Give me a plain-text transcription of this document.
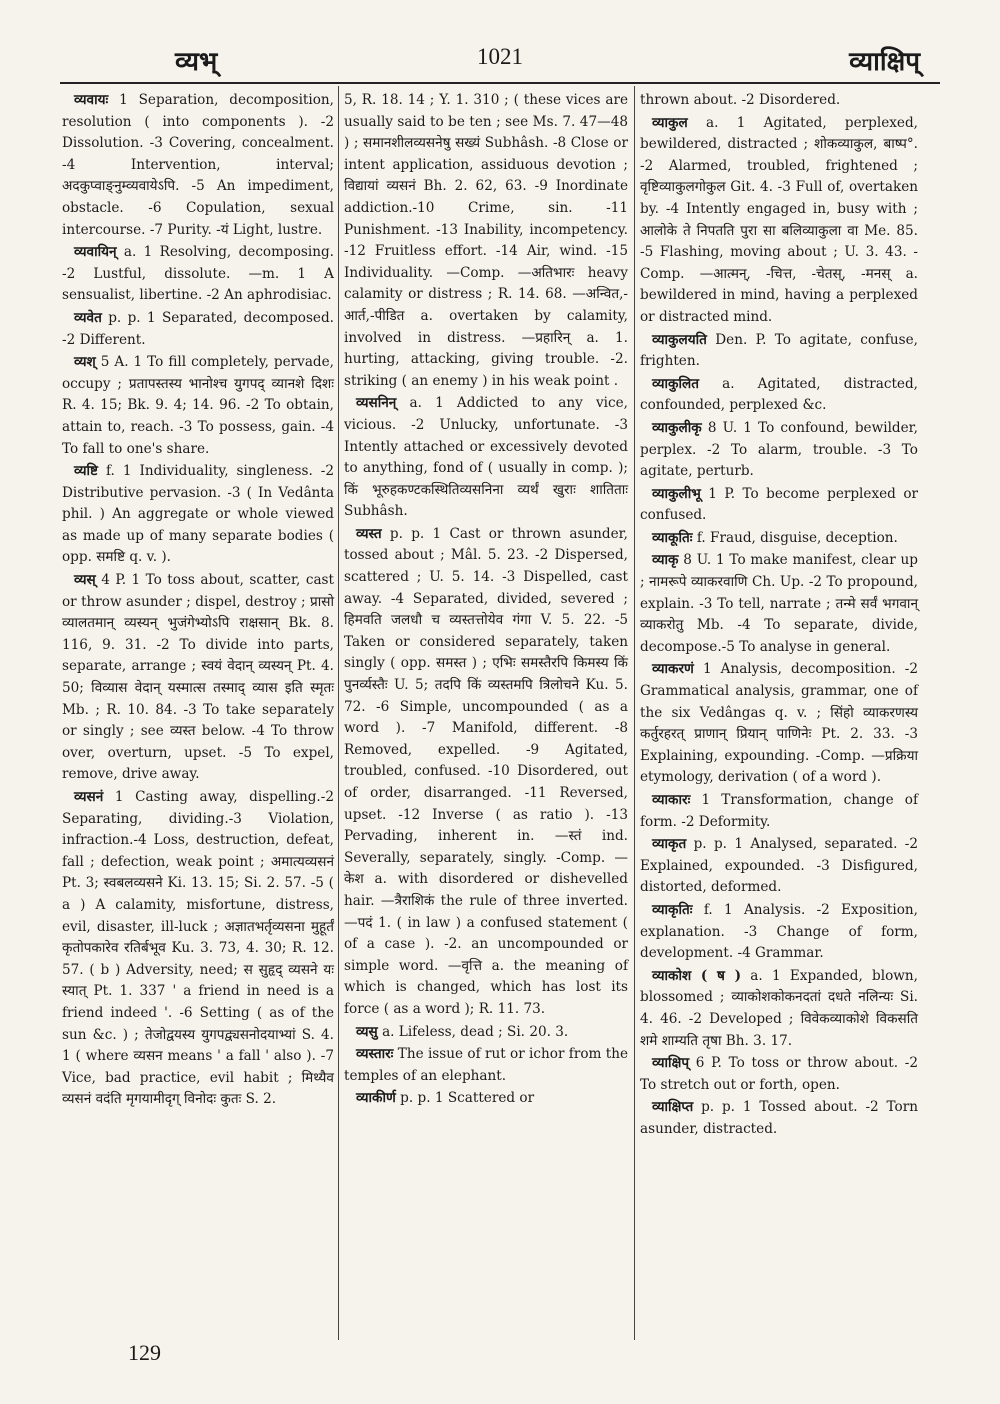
व्यभ्	1021	व्याक्षिप्

व्यवायः 1 Separation, decomposition, resolution ( into components ). -2 Dissolution. -3 Covering, concealment. -4 Intervention, interval; अदकुप्वाङ्नुम्व्यवायेऽपि. -5 An impediment, obstacle. -6 Copulation, sexual intercourse. -7 Purity. -यं Light, lustre.

व्यवायिन् a. 1 Resolving, decomposing. -2 Lustful, dissolute. —m. 1 A sensualist, libertine. -2 An aphrodisiac.

व्यवेत p. p. 1 Separated, decomposed. -2 Different.

व्यश् 5 A. 1 To fill completely, pervade, occupy ; प्रतापस्तस्य भानोश्च युगपद् व्यानशे दिशः R. 4. 15; Bk. 9. 4; 14. 96. -2 To obtain, attain to, reach. -3 To possess, gain. -4 To fall to one's share.

व्यष्टि f. 1 Individuality, singleness. -2 Distributive pervasion. -3 ( In Vedânta phil. ) An aggregate or whole viewed as made up of many separate bodies ( opp. समष्टि q. v. ).

व्यस् 4 P. 1 To toss about, scatter, cast or throw asunder ; dispel, destroy ; प्रासो व्यालतमान् व्यस्यन् भुजंगेभ्योऽपि राक्षसान् Bk. 8. 116, 9. 31. -2 To divide into parts, separate, arrange ; स्वयं वेदान् व्यस्यन् Pt. 4. 50; विव्यास वेदान् यस्मात्स तस्माद् व्यास इति स्मृतः Mb. ; R. 10. 84. -3 To take separately or singly ; see व्यस्त below. -4 To throw over, overturn, upset. -5 To expel, remove, drive away.

व्यसनं 1 Casting away, dispelling.-2 Separating, dividing.-3 Violation, infraction.-4 Loss, destruction, defeat, fall ; defection, weak point ; अमात्यव्यसनं Pt. 3; स्वबलव्यसने Ki. 13. 15; Si. 2. 57. -5 ( a ) A calamity, misfortune, distress, evil, disaster, ill-luck ; अज्ञातभर्तृव्यसना मुहूर्तं कृतोपकारेव रतिर्बभूव Ku. 3. 73, 4. 30; R. 12. 57. ( b ) Adversity, need; स सुहृद् व्यसने यः स्यात् Pt. 1. 337 ' a friend in need is a friend indeed '. -6 Setting ( as of the sun &c. ) ; तेजोद्वयस्य युगपद्व्यसनोदयाभ्यां S. 4. 1 ( where व्यसन means ' a fall ' also ). -7 Vice, bad practice, evil habit ; मिथ्यैव व्यसनं वदंति मृगयामीदृग् विनोदः कुतः S. 2.

5, R. 18. 14 ; Y. 1. 310 ; ( these vices are usually said to be ten ; see Ms. 7. 47—48 ) ; समानशीलव्यसनेषु सख्यं Subhâsh. -8 Close or intent application, assiduous devotion ; विद्यायां व्यसनं Bh. 2. 62, 63. -9 Inordinate addiction.-10 Crime, sin. -11 Punishment. -13 Inability, incompetency. -12 Fruitless effort. -14 Air, wind. -15 Individuality. —Comp. —अतिभारः heavy calamity or distress ; R. 14. 68. —अन्वित,-आर्त,-पीडित a. overtaken by calamity, involved in distress. —प्रहारिन् a. 1. hurting, attacking, giving trouble. -2. striking ( an enemy ) in his weak point .

व्यसनिन् a. 1 Addicted to any vice, vicious. -2 Unlucky, unfortunate. -3 Intently attached or excessively devoted to anything, fond of ( usually in comp. ); किं भूरुहकण्टकस्थितिव्यसनिना व्यर्थं खुराः शातिताः Subhâsh.

व्यस्त p. p. 1 Cast or thrown asunder, tossed about ; Mâl. 5. 23. -2 Dispersed, scattered ; U. 5. 14. -3 Dispelled, cast away. -4 Separated, divided, severed ; हिमवति जलधौ च व्यस्तत्तोयेव गंगा V. 5. 22. -5 Taken or considered separately, taken singly ( opp. समस्त ) ; एभिः समस्तैरपि किमस्य किं पुनर्व्यस्तैः U. 5; तदपि किं व्यस्तमपि त्रिलोचने Ku. 5. 72. -6 Simple, uncompounded ( as a word ). -7 Manifold, different. -8 Removed, expelled. -9 Agitated, troubled, confused. -10 Disordered, out of order, disarranged. -11 Reversed, upset. -12 Inverse ( as ratio ). -13 Pervading, inherent in. —स्तं ind. Severally, separately, singly. -Comp. —केश a. with disordered or dishevelled hair. —त्रैराशिकं the rule of three inverted. —पदं 1. ( in law ) a confused statement ( of a case ). -2. an uncompounded or simple word. —वृत्ति a. the meaning of which is changed, which has lost its force ( as a word ); R. 11. 73.

व्यसु a. Lifeless, dead ; Si. 20. 3.

व्यस्तारः The issue of rut or ichor from the temples of an elephant.

व्याकीर्ण p. p. 1 Scattered or

thrown about. -2 Disordered.

व्याकुल a. 1 Agitated, perplexed, bewildered, distracted ; शोकव्याकुल, बाष्प°. -2 Alarmed, troubled, frightened ; वृष्टिव्याकुलगोकुल Git. 4. -3 Full of, overtaken by. -4 Intently engaged in, busy with ; आलोके ते निपतति पुरा सा बलिव्याकुला वा Me. 85. -5 Flashing, moving about ; U. 3. 43. -Comp. —आत्मन्, -चित्त, -चेतस्, -मनस् a. bewildered in mind, having a perplexed or distracted mind.

व्याकुलयति Den. P. To agitate, confuse, frighten.

व्याकुलित a. Agitated, distracted, confounded, perplexed &c.

व्याकुलीकृ 8 U. 1 To confound, bewilder, perplex. -2 To alarm, trouble. -3 To agitate, perturb.

व्याकुलीभू 1 P. To become perplexed or confused.

व्याकूतिः f. Fraud, disguise, deception.

व्याकृ 8 U. 1 To make manifest, clear up ; नामरूपे व्याकरवाणि Ch. Up. -2 To propound, explain. -3 To tell, narrate ; तन्मे सर्वं भगवान् व्याकरोतु Mb. -4 To separate, divide, decompose.-5 To analyse in general.

व्याकरणं 1 Analysis, decomposition. -2 Grammatical analysis, grammar, one of the six Vedângas q. v. ; सिंहो व्याकरणस्य कर्तुरहरत् प्राणान् प्रियान् पाणिनेः Pt. 2. 33. -3 Explaining, expounding. -Comp. —प्रक्रिया etymology, derivation ( of a word ).

व्याकारः 1 Transformation, change of form. -2 Deformity.

व्याकृत p. p. 1 Analysed, separated. -2 Explained, expounded. -3 Disfigured, distorted, deformed.

व्याकृतिः f. 1 Analysis. -2 Exposition, explanation. -3 Change of form, development. -4 Grammar.

व्याकोश ( ष ) a. 1 Expanded, blown, blossomed ; व्याकोशकोकनदतां दधते नलिन्यः Si. 4. 46. -2 Developed ; विवेकव्याकोशे विकसति शमे शाम्यति तृषा Bh. 3. 17.

व्याक्षिप् 6 P. To toss or throw about. -2 To stretch out or forth, open.

व्याक्षिप्त p. p. 1 Tossed about. -2 Torn asunder, distracted.

129
